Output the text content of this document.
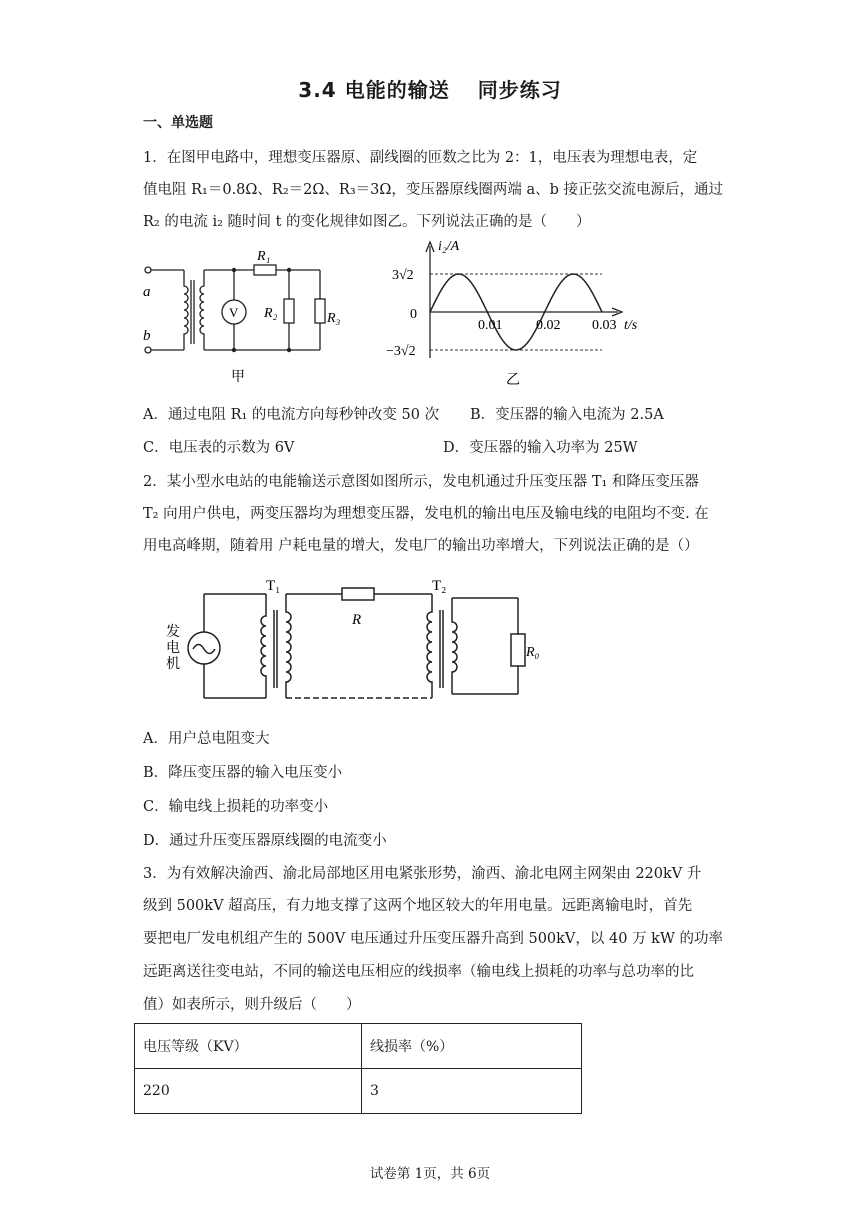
3.4 电能的输送 同步练习
一、单选题
1．在图甲电路中，理想变压器原、副线圈的匝数之比为 2：1，电压表为理想电表，定
值电阻 R₁＝0.8Ω、R₂＝2Ω、R₃＝3Ω，变压器原线圈两端 a、b 接正弦交流电源后，通过
R₂ 的电流 i₂ 随时间 t 的变化规律如图乙。下列说法正确的是（　　）
a
b
R₁
V R₂	R₃
甲
i₂/A
3√2
−3√2
0
0.01 0.02 0.03 t/s
乙
A．通过电阻 R₁ 的电流方向每秒钟改变 50 次 B．变压器的输入电流为 2.5A
C．电压表的示数为 6V	D．变压器的输入功率为 25W
2．某小型水电站的电能输送示意图如图所示，发电机通过升压变压器 T₁ 和降压变压器
T₂ 向用户供电，两变压器均为理想变压器，发电机的输出电压及输电线的电阻均不变. 在
用电高峰期，随着用 户耗电量的增大，发电厂的输出功率增大，下列说法正确的是（）
发
电
机
T₁	T₂
R
R₀
A．用户总电阻变大
B．降压变压器的输入电压变小
C．输电线上损耗的功率变小
D．通过升压变压器原线圈的电流变小
3．为有效解决渝西、渝北局部地区用电紧张形势，渝西、渝北电网主网架由 220kV 升
级到 500kV 超高压，有力地支撑了这两个地区较大的年用电量。远距离输电时，首先
要把电厂发电机组产生的 500V 电压通过升压变压器升高到 500kV，以 40 万 kW 的功率
远距离送往变电站，不同的输送电压相应的线损率（输电线上损耗的功率与总功率的比
值）如表所示，则升级后（　　）
电压等级（KV）	线损率（%）
220	3
试卷第 1页，共 6页
